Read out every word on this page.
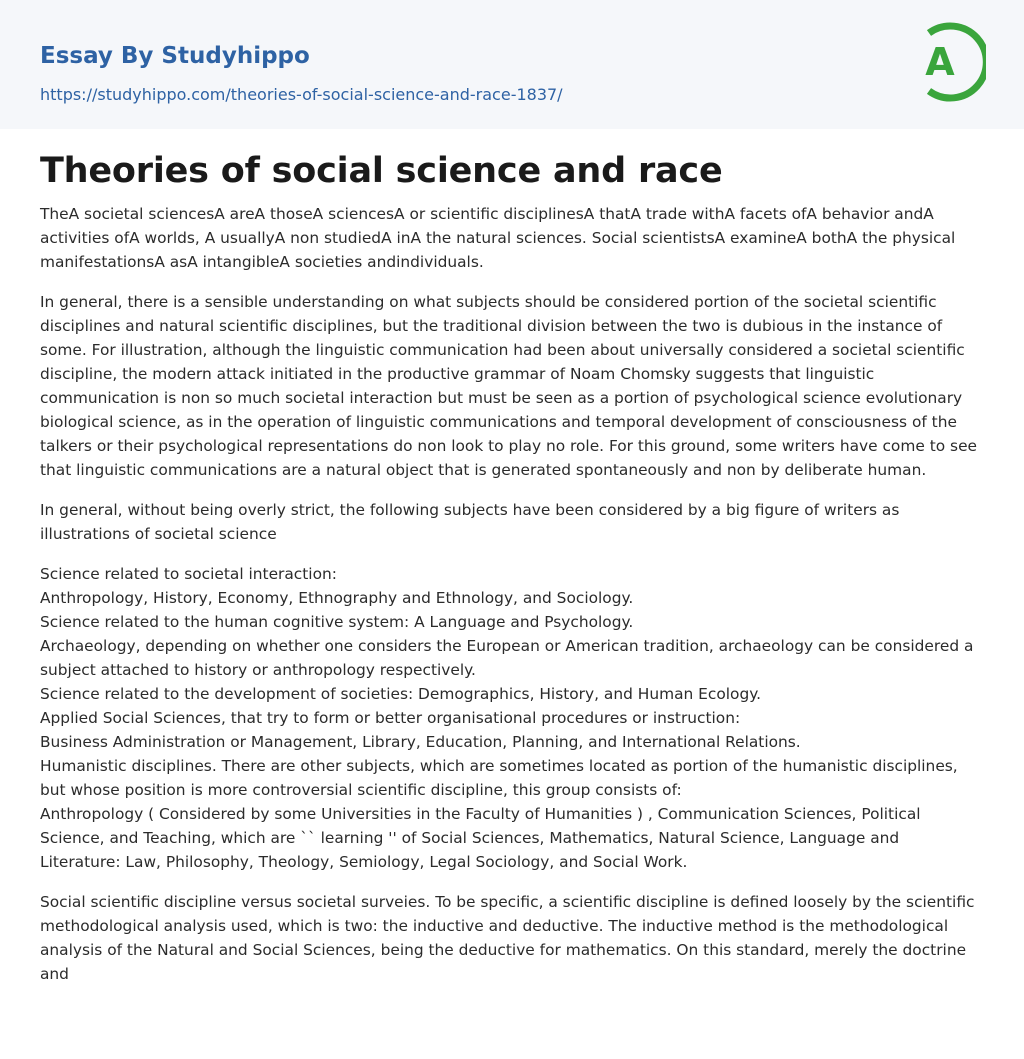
Essay By Studyhippo
https://studyhippo.com/theories-of-social-science-and-race-1837/
A
Theories of social science and race

TheA societal sciencesA areA thoseA sciencesA or scientific disciplinesA thatA trade withA facets ofA behavior andA activities ofA worlds, A usuallyA non studiedA inA the natural sciences. Social scientistsA examineA bothA the physical manifestationsA asA intangibleA societies andindividuals.

In general, there is a sensible understanding on what subjects should be considered portion of the societal scientific disciplines and natural scientific disciplines, but the traditional division between the two is dubious in the instance of some. For illustration, although the linguistic communication had been about universally considered a societal scientific discipline, the modern attack initiated in the productive grammar of Noam Chomsky suggests that linguistic communication is non so much societal interaction but must be seen as a portion of psychological science evolutionary biological science, as in the operation of linguistic communications and temporal development of consciousness of the talkers or their psychological representations do non look to play no role. For this ground, some writers have come to see that linguistic communications are a natural object that is generated spontaneously and non by deliberate human.

In general, without being overly strict, the following subjects have been considered by a big figure of writers as illustrations of societal science

Science related to societal interaction:
Anthropology, History, Economy, Ethnography and Ethnology, and Sociology.
Science related to the human cognitive system: A Language and Psychology.
Archaeology, depending on whether one considers the European or American tradition, archaeology can be considered a subject attached to history or anthropology respectively.
Science related to the development of societies: Demographics, History, and Human Ecology.
Applied Social Sciences, that try to form or better organisational procedures or instruction:
Business Administration or Management, Library, Education, Planning, and International Relations.
Humanistic disciplines. There are other subjects, which are sometimes located as portion of the humanistic disciplines, but whose position is more controversial scientific discipline, this group consists of:
Anthropology ( Considered by some Universities in the Faculty of Humanities ) , Communication Sciences, Political Science, and Teaching, which are `` learning '' of Social Sciences, Mathematics, Natural Science, Language and Literature: Law, Philosophy, Theology, Semiology, Legal Sociology, and Social Work.

Social scientific discipline versus societal surveies. To be specific, a scientific discipline is defined loosely by the scientific methodological analysis used, which is two: the inductive and deductive. The inductive method is the methodological analysis of the Natural and Social Sciences, being the deductive for mathematics. On this standard, merely the doctrine and
